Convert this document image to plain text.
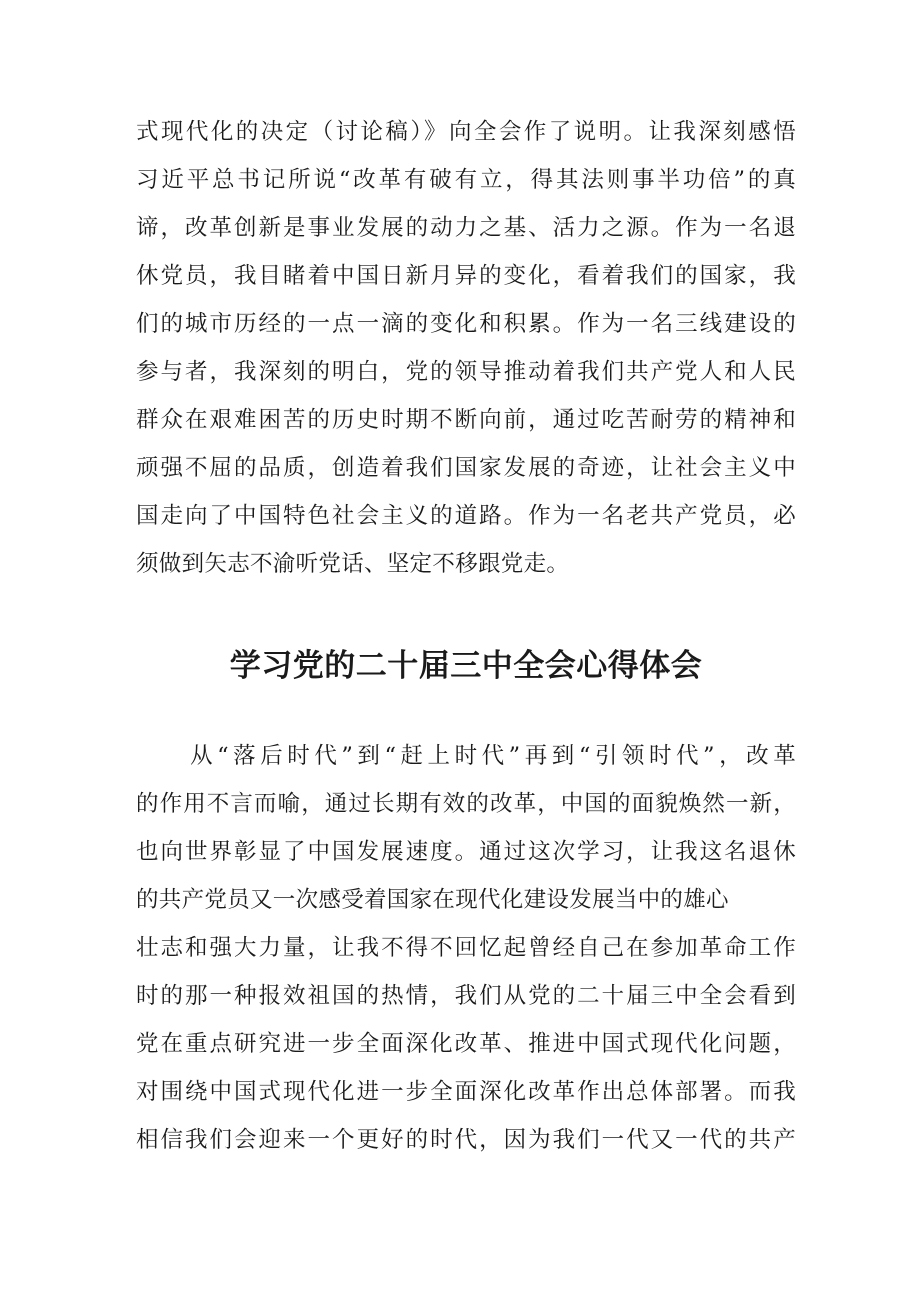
式现代化的决定（讨论稿）》向全会作了说明。让我深刻感悟
习近平总书记所说“改革有破有立，得其法则事半功倍”的真
谛，改革创新是事业发展的动力之基、活力之源。作为一名退
休党员，我目睹着中国日新月异的变化，看着我们的国家，我
们的城市历经的一点一滴的变化和积累。作为一名三线建设的
参与者，我深刻的明白，党的领导推动着我们共产党人和人民
群众在艰难困苦的历史时期不断向前，通过吃苦耐劳的精神和
顽强不屈的品质，创造着我们国家发展的奇迹，让社会主义中
国走向了中国特色社会主义的道路。作为一名老共产党员，必
须做到矢志不渝听党话、坚定不移跟党走。
学习党的二十届三中全会心得体会
　　从“落后时代”到“赶上时代”再到“引领时代”，改革
的作用不言而喻，通过长期有效的改革，中国的面貌焕然一新，
也向世界彰显了中国发展速度。通过这次学习，让我这名退休
的共产党员又一次感受着国家在现代化建设发展当中的雄心
壮志和强大力量，让我不得不回忆起曾经自己在参加革命工作
时的那一种报效祖国的热情，我们从党的二十届三中全会看到
党在重点研究进一步全面深化改革、推进中国式现代化问题，
对围绕中国式现代化进一步全面深化改革作出总体部署。而我
相信我们会迎来一个更好的时代，因为我们一代又一代的共产
